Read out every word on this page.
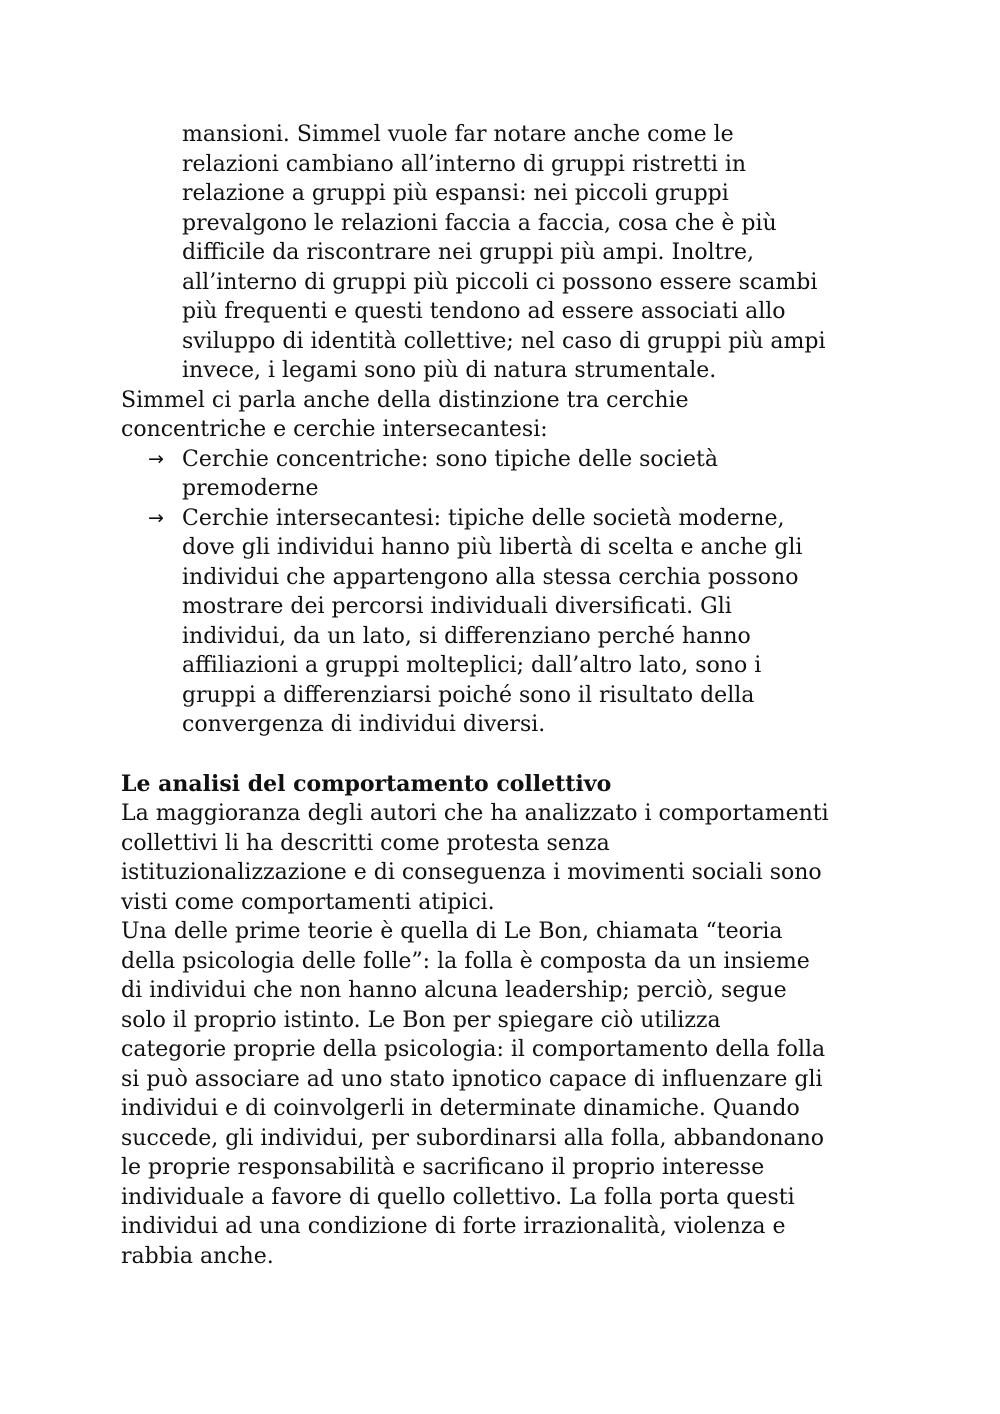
mansioni. Simmel vuole far notare anche come le
relazioni cambiano all’interno di gruppi ristretti in
relazione a gruppi più espansi: nei piccoli gruppi
prevalgono le relazioni faccia a faccia, cosa che è più
difficile da riscontrare nei gruppi più ampi. Inoltre,
all’interno di gruppi più piccoli ci possono essere scambi
più frequenti e questi tendono ad essere associati allo
sviluppo di identità collettive; nel caso di gruppi più ampi
invece, i legami sono più di natura strumentale.
Simmel ci parla anche della distinzione tra cerchie
concentriche e cerchie intersecantesi:
→ Cerchie concentriche: sono tipiche delle società
premoderne
→ Cerchie intersecantesi: tipiche delle società moderne,
dove gli individui hanno più libertà di scelta e anche gli
individui che appartengono alla stessa cerchia possono
mostrare dei percorsi individuali diversificati. Gli
individui, da un lato, si differenziano perché hanno
affiliazioni a gruppi molteplici; dall’altro lato, sono i
gruppi a differenziarsi poiché sono il risultato della
convergenza di individui diversi.
Le analisi del comportamento collettivo
La maggioranza degli autori che ha analizzato i comportamenti
collettivi li ha descritti come protesta senza
istituzionalizzazione e di conseguenza i movimenti sociali sono
visti come comportamenti atipici.
Una delle prime teorie è quella di Le Bon, chiamata “teoria
della psicologia delle folle”: la folla è composta da un insieme
di individui che non hanno alcuna leadership; perciò, segue
solo il proprio istinto. Le Bon per spiegare ciò utilizza
categorie proprie della psicologia: il comportamento della folla
si può associare ad uno stato ipnotico capace di influenzare gli
individui e di coinvolgerli in determinate dinamiche. Quando
succede, gli individui, per subordinarsi alla folla, abbandonano
le proprie responsabilità e sacrificano il proprio interesse
individuale a favore di quello collettivo. La folla porta questi
individui ad una condizione di forte irrazionalità, violenza e
rabbia anche.
